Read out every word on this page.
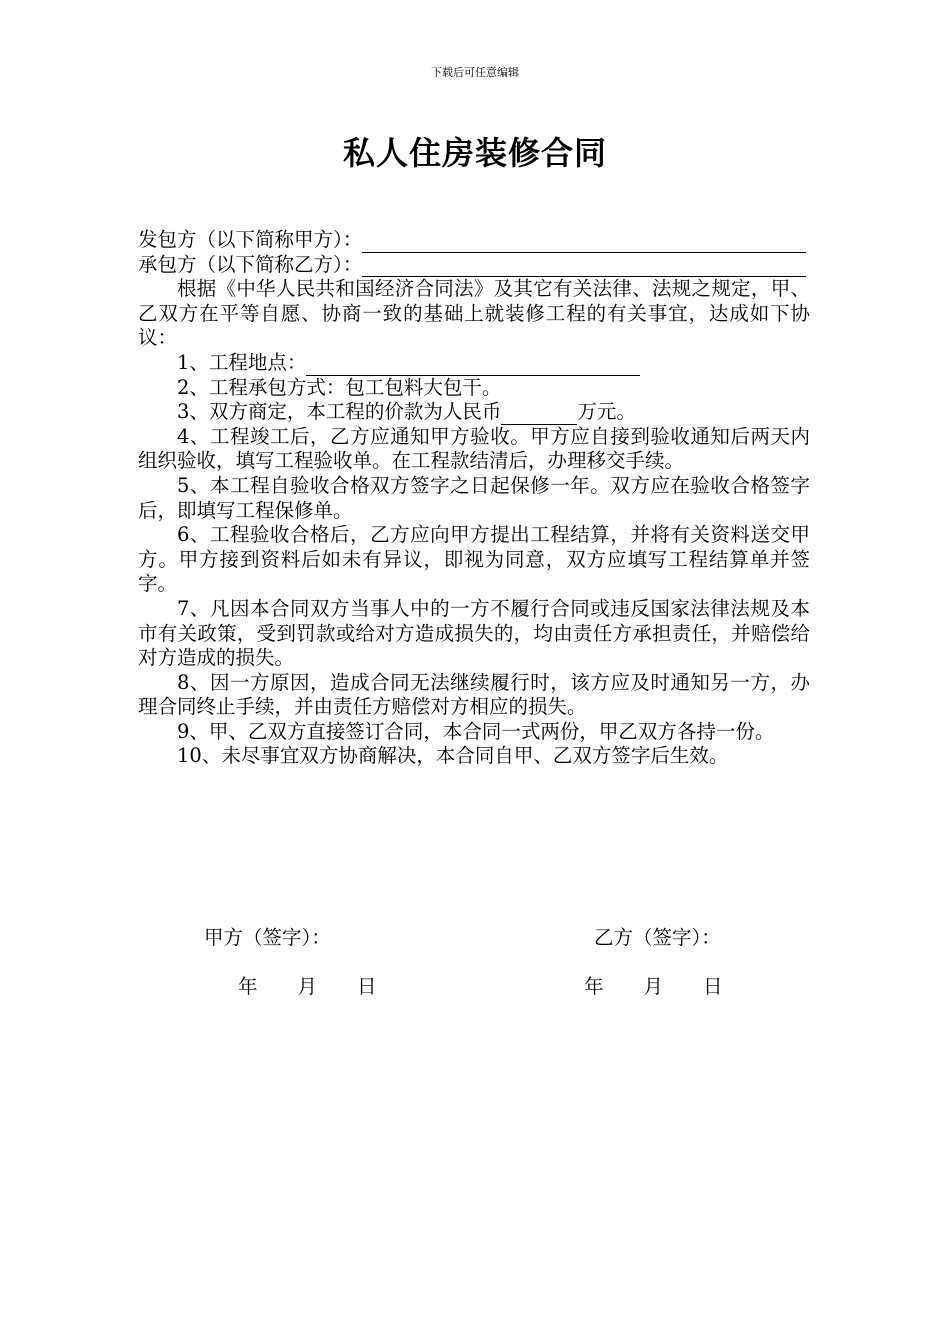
下载后可任意编辑
私人住房装修合同
发包方（以下简称甲方）：
承包方（以下简称乙方）：

根据《中华人民共和国经济合同法》及其它有关法律、法规之规定，甲、乙双方在平等自愿、协商一致的基础上就装修工程的有关事宜，达成如下协议：

1、工程地点：
2、工程承包方式：包工包料大包干。
3、双方商定，本工程的价款为人民币	万元。

4、工程竣工后，乙方应通知甲方验收。甲方应自接到验收通知后两天内组织验收，填写工程验收单。在工程款结清后，办理移交手续。

5、本工程自验收合格双方签字之日起保修一年。双方应在验收合格签字后，即填写工程保修单。

6、工程验收合格后，乙方应向甲方提出工程结算，并将有关资料送交甲方。甲方接到资料后如未有异议，即视为同意，双方应填写工程结算单并签字。

7、凡因本合同双方当事人中的一方不履行合同或违反国家法律法规及本市有关政策，受到罚款或给对方造成损失的，均由责任方承担责任，并赔偿给对方造成的损失。

8、因一方原因，造成合同无法继续履行时，该方应及时通知另一方，办理合同终止手续，并由责任方赔偿对方相应的损失。

9、甲、乙双方直接签订合同，本合同一式两份，甲乙双方各持一份。

10、未尽事宜双方协商解决，本合同自甲、乙双方签字后生效。

甲方（签字）：	乙方（签字）：
年 月 日	年 月 日
